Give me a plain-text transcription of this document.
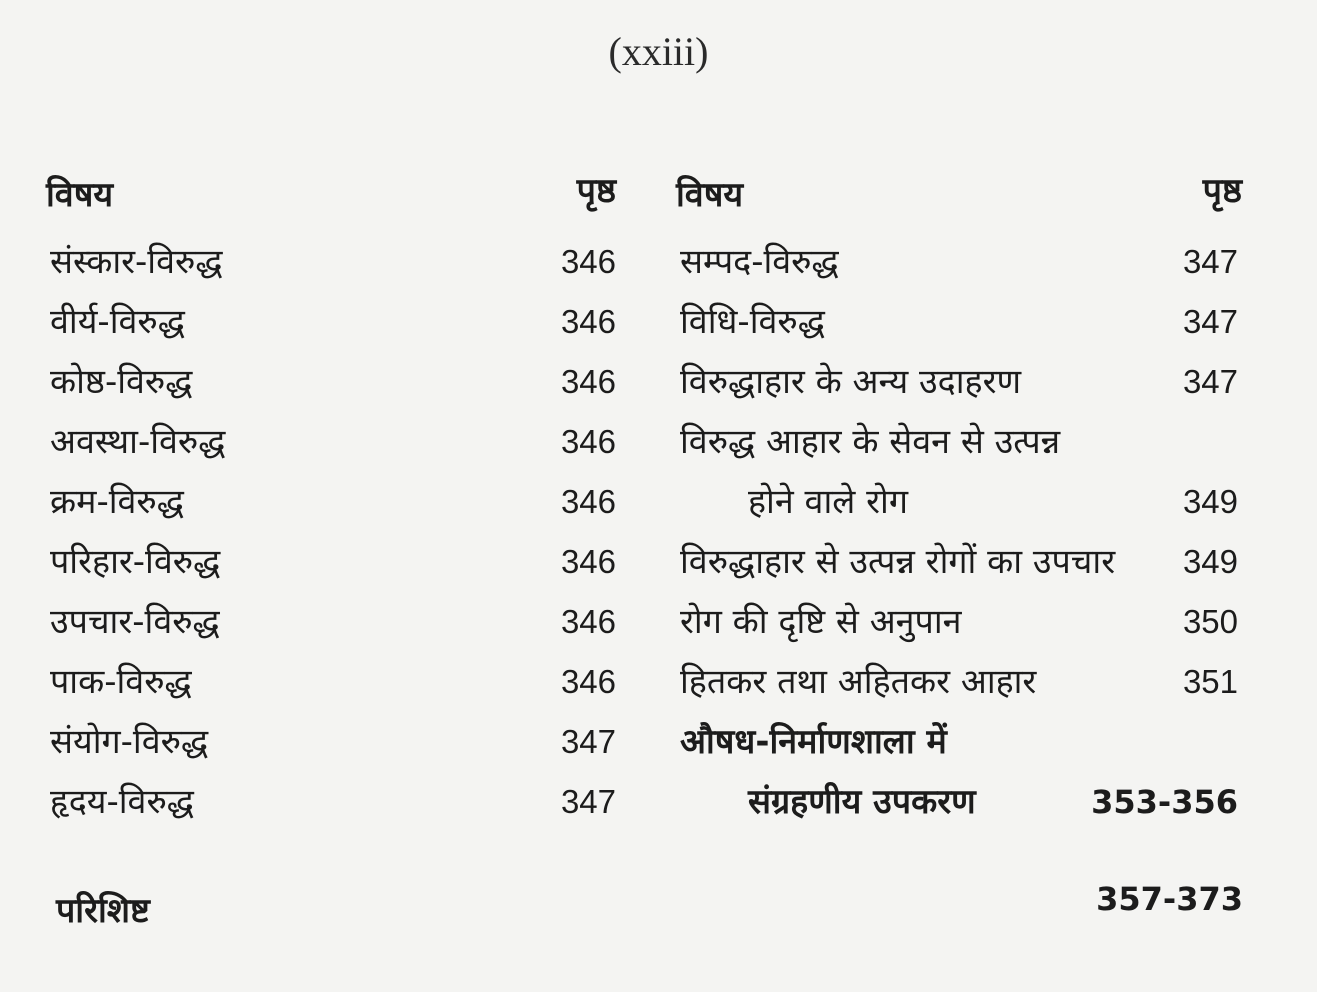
(xxiii)
विषय	पृष्ठ
संस्कार-विरुद्ध	346
वीर्य-विरुद्ध	346
कोष्ठ-विरुद्ध	346
अवस्था-विरुद्ध	346
क्रम-विरुद्ध	346
परिहार-विरुद्ध	346
उपचार-विरुद्ध	346
पाक-विरुद्ध	346
संयोग-विरुद्ध	347
हृदय-विरुद्ध	347
विषय	पृष्ठ
सम्पद-विरुद्ध	347
विधि-विरुद्ध	347
विरुद्धाहार के अन्य उदाहरण	347
विरुद्ध आहार के सेवन से उत्पन्न
होने वाले रोग	349
विरुद्धाहार से उत्पन्न रोगों का उपचार 349
रोग की दृष्टि से अनुपान	350
हितकर तथा अहितकर आहार	351
औषध-निर्माणशाला में
संग्रहणीय उपकरण	353-356
परिशिष्ट	357-373
